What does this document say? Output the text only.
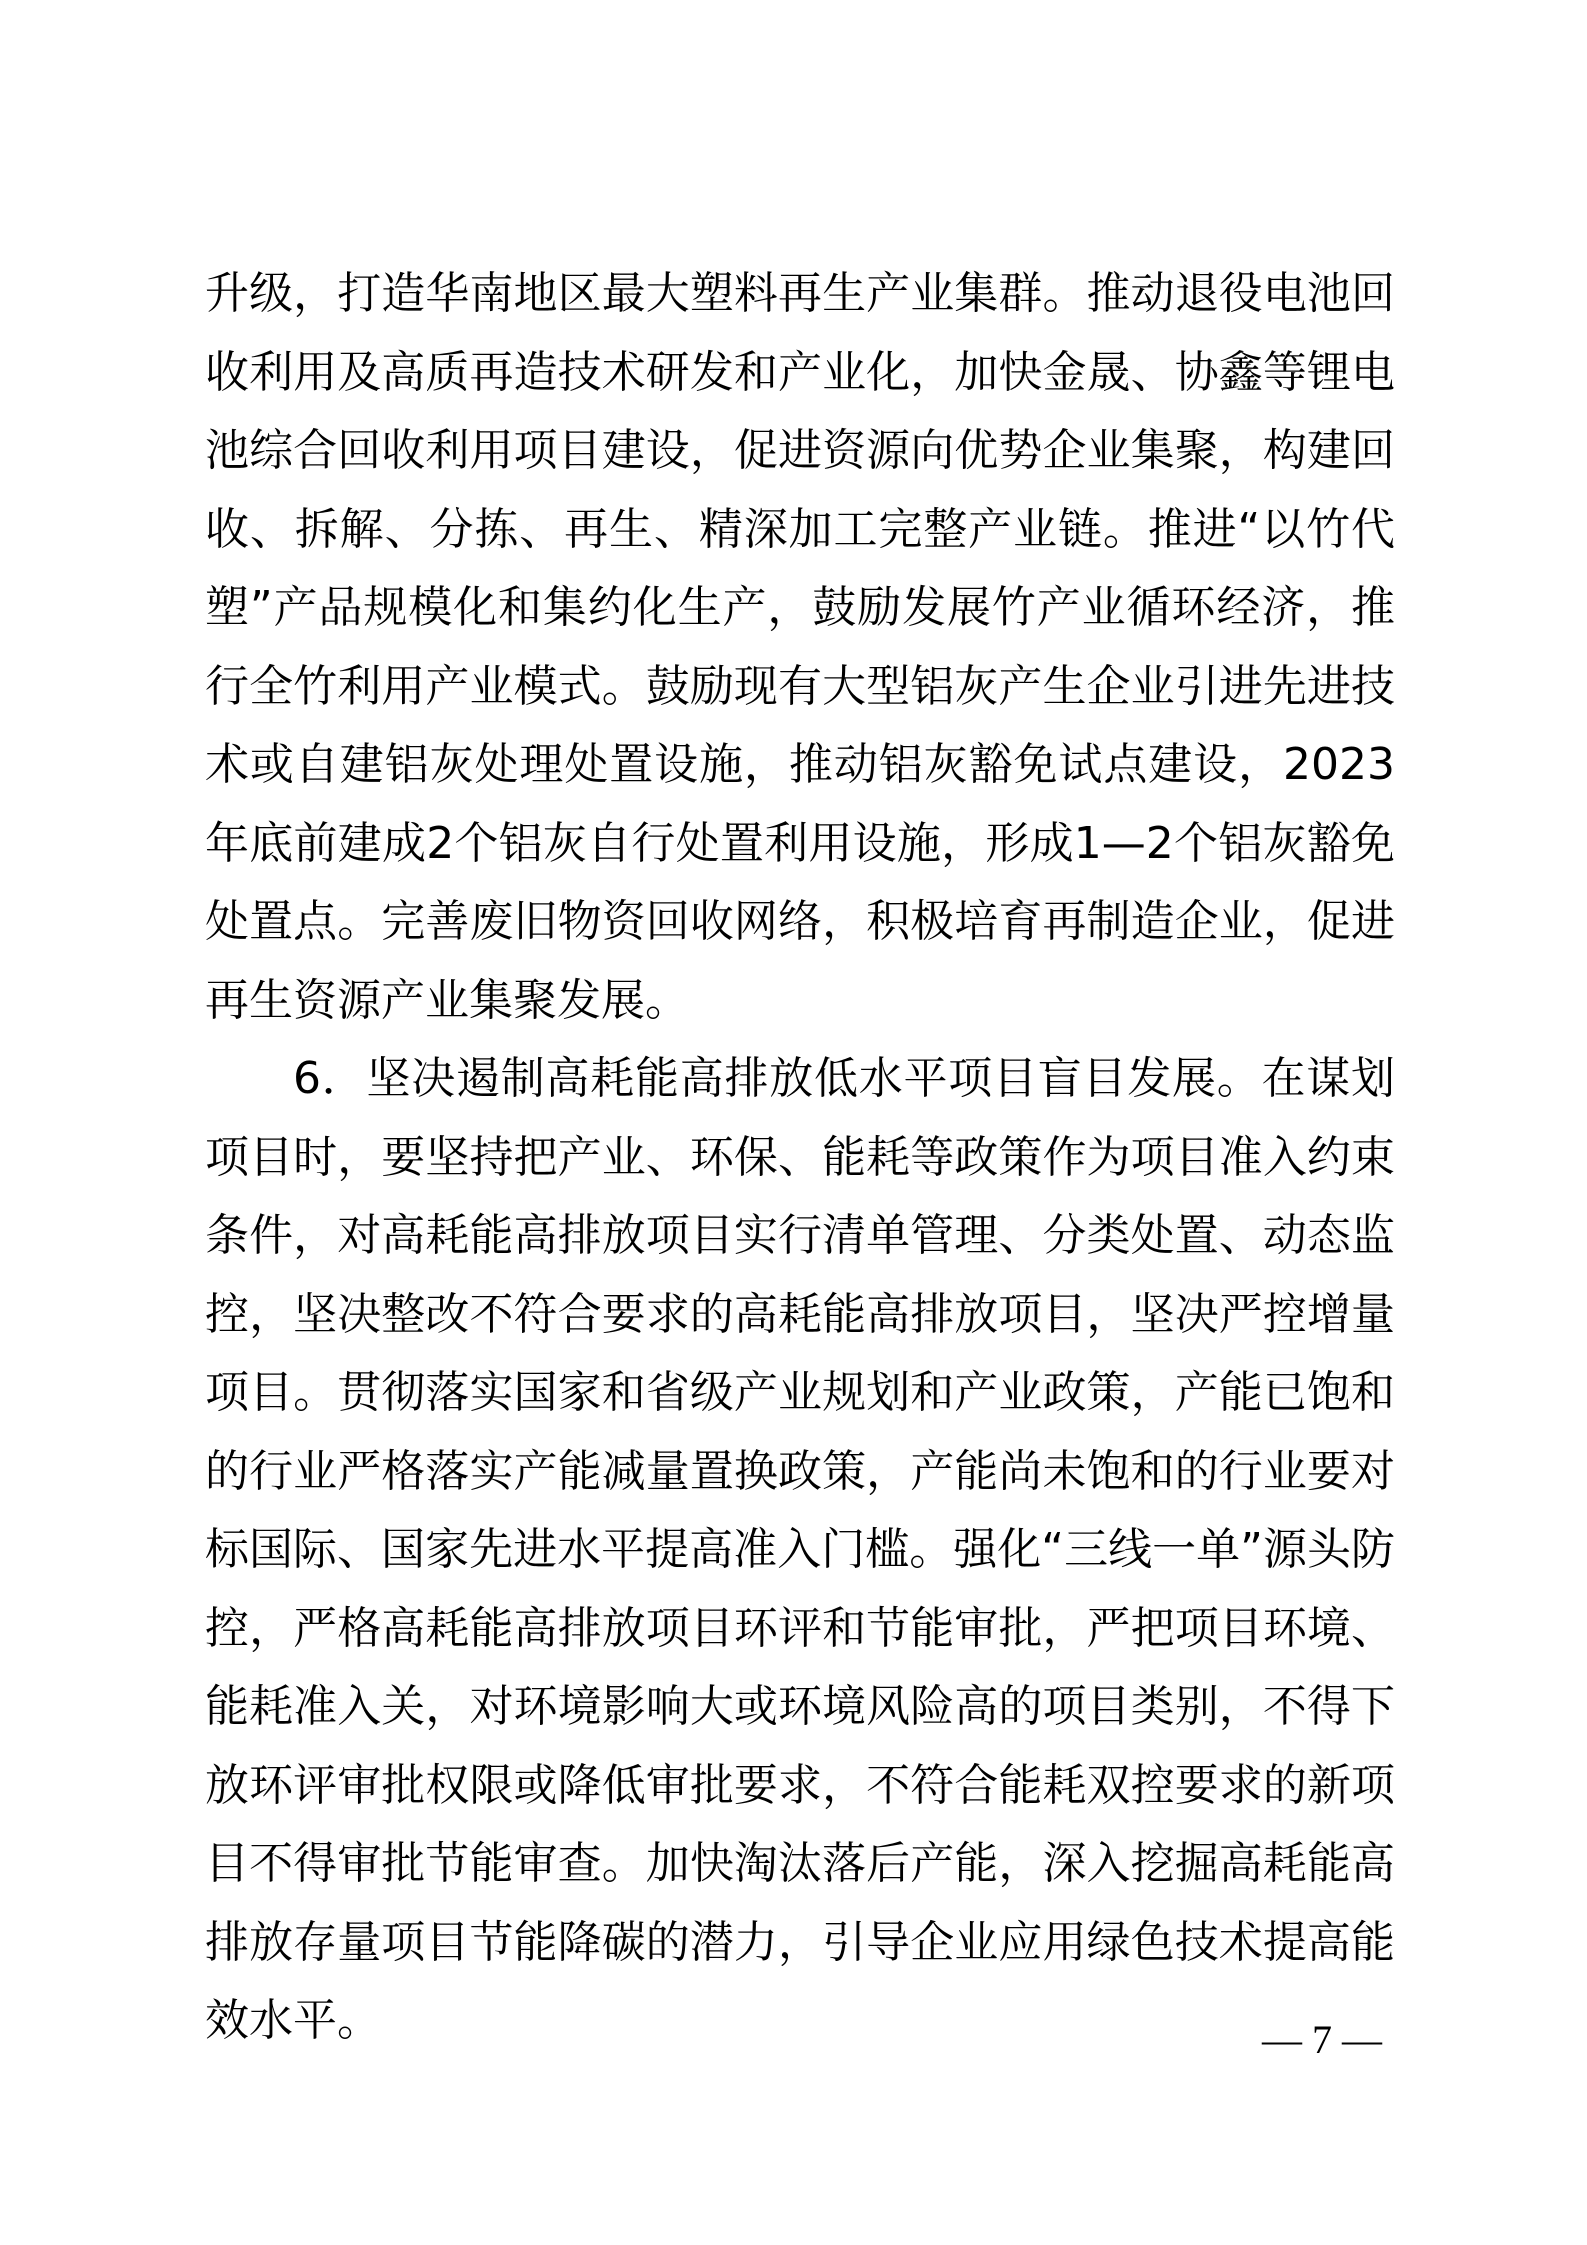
升级，打造华南地区最大塑料再生产业集群。推动退役电池回收利用及高质再造技术研发和产业化，加快金晟、协鑫等锂电池综合回收利用项目建设，促进资源向优势企业集聚，构建回收、拆解、分拣、再生、精深加工完整产业链。推进“以竹代塑”产品规模化和集约化生产，鼓励发展竹产业循环经济，推行全竹利用产业模式。鼓励现有大型铝灰产生企业引进先进技术或自建铝灰处理处置设施，推动铝灰豁免试点建设，2023年底前建成2个铝灰自行处置利用设施，形成1—2个铝灰豁免处置点。完善废旧物资回收网络，积极培育再制造企业，促进再生资源产业集聚发展。

6．坚决遏制高耗能高排放低水平项目盲目发展。在谋划项目时，要坚持把产业、环保、能耗等政策作为项目准入约束条件，对高耗能高排放项目实行清单管理、分类处置、动态监控，坚决整改不符合要求的高耗能高排放项目，坚决严控增量项目。贯彻落实国家和省级产业规划和产业政策，产能已饱和的行业严格落实产能减量置换政策，产能尚未饱和的行业要对标国际、国家先进水平提高准入门槛。强化“三线一单”源头防控，严格高耗能高排放项目环评和节能审批，严把项目环境、能耗准入关，对环境影响大或环境风险高的项目类别，不得下放环评审批权限或降低审批要求，不符合能耗双控要求的新项目不得审批节能审查。加快淘汰落后产能，深入挖掘高耗能高排放存量项目节能降碳的潜力，引导企业应用绿色技术提高能效水平。	— 7 —
